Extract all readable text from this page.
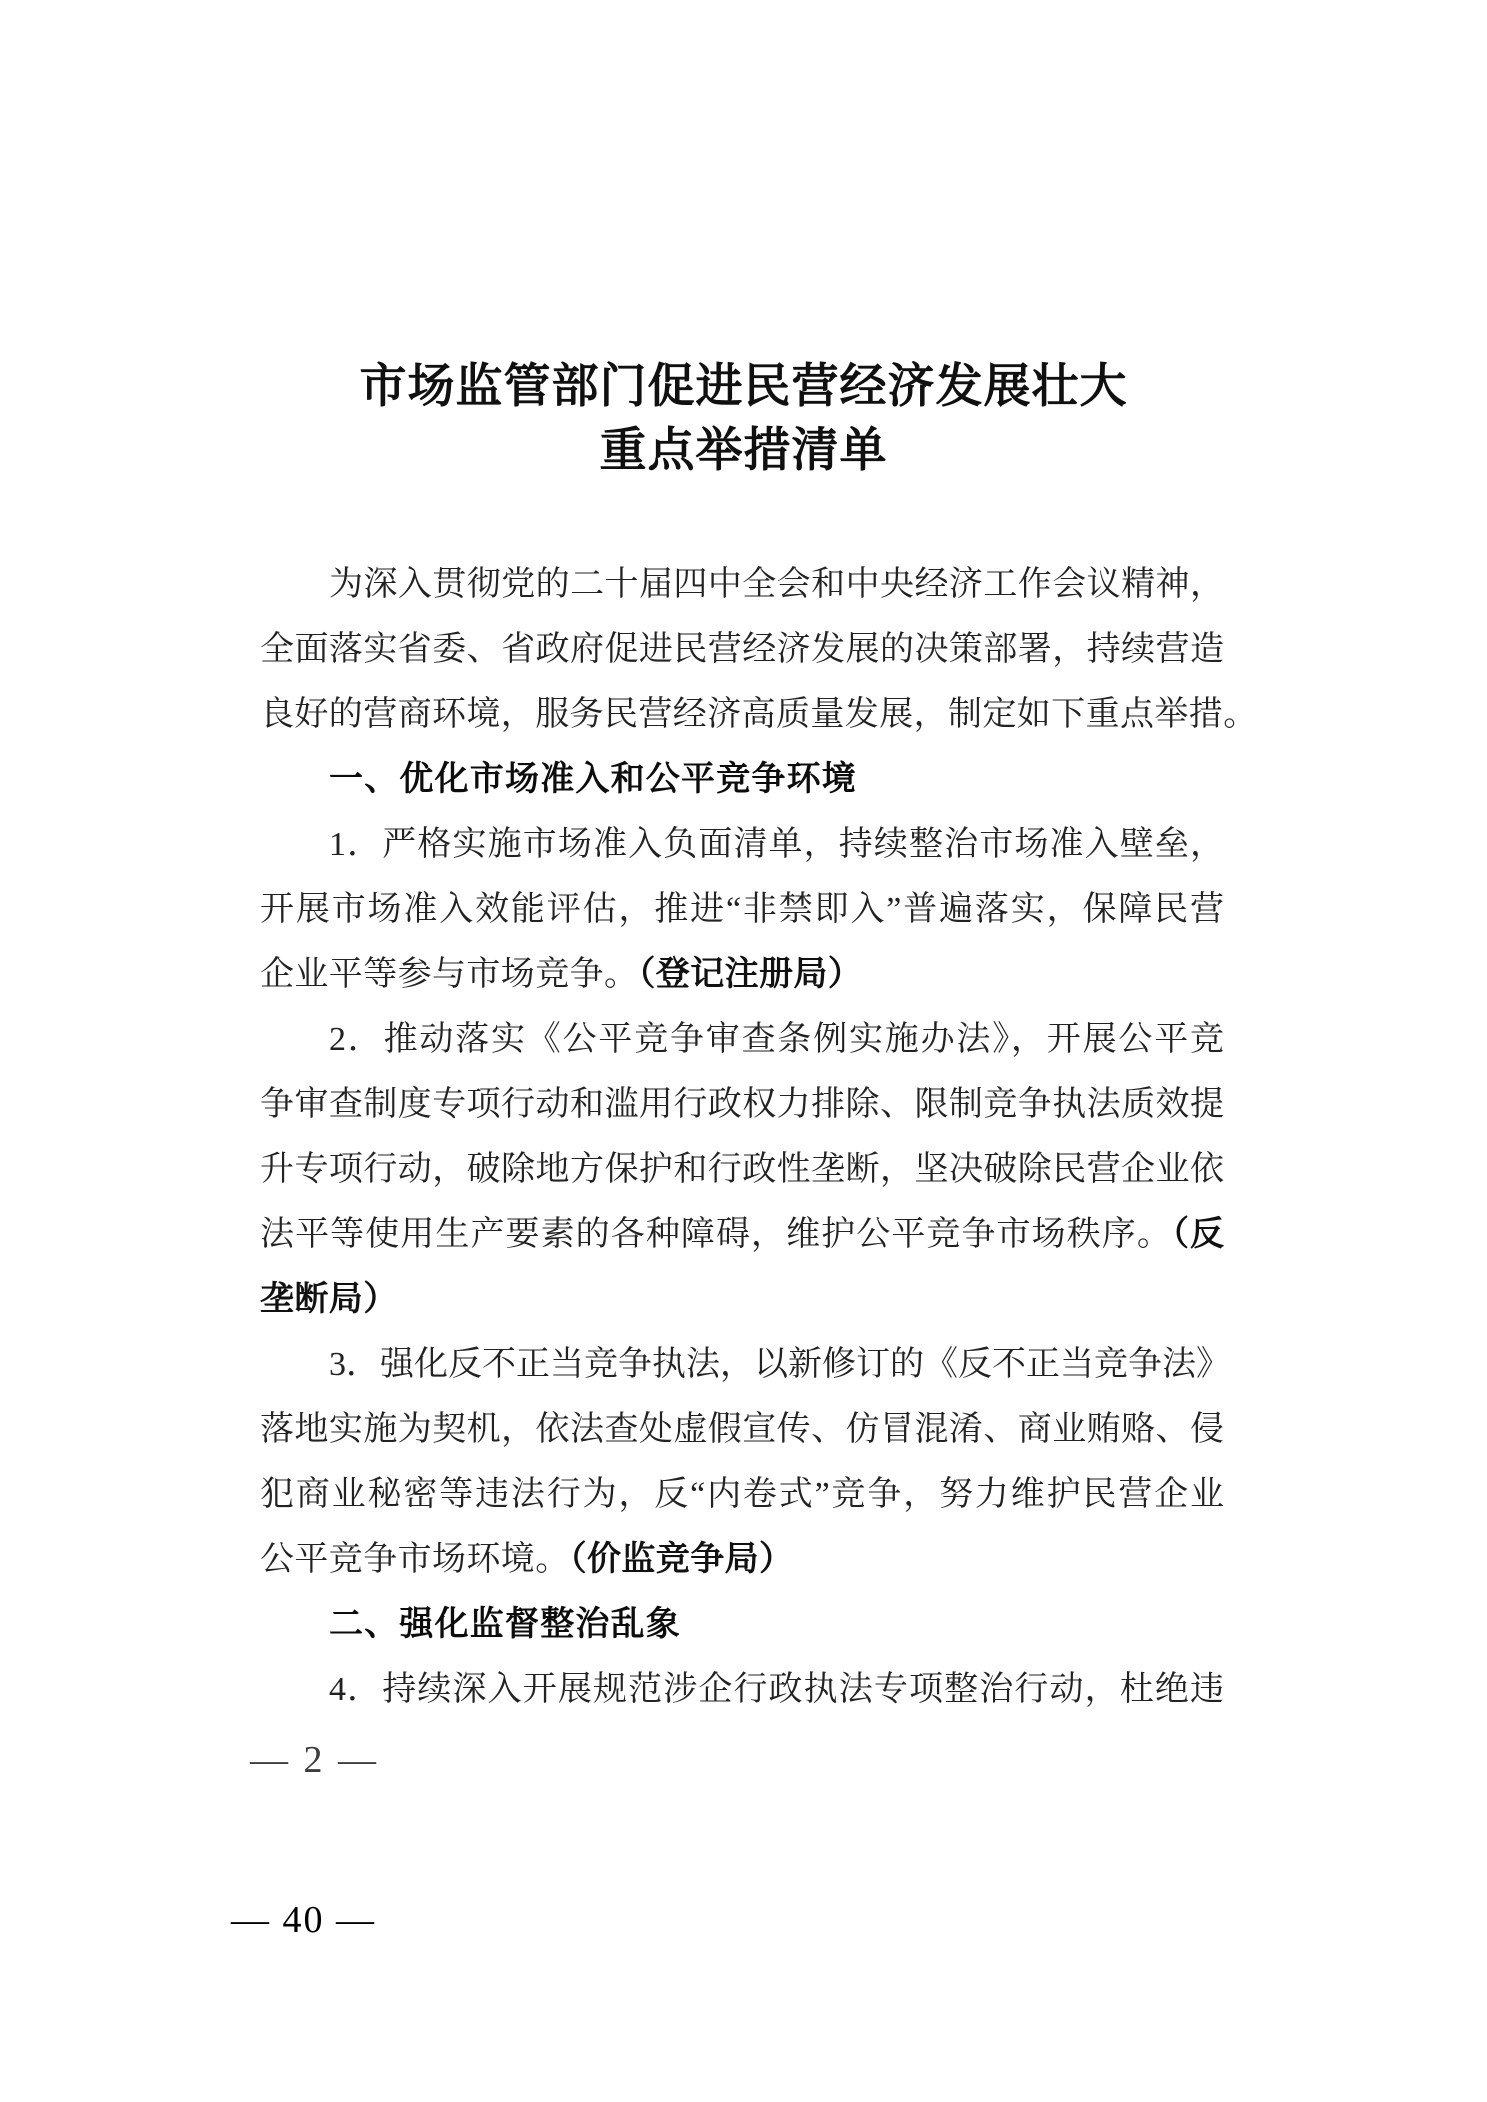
市场监管部门促进民营经济发展壮大
重点举措清单
为深入贯彻党的二十届四中全会和中央经济工作会议精神，
全面落实省委、省政府促进民营经济发展的决策部署，持续营造
良好的营商环境，服务民营经济高质量发展，制定如下重点举措。
一、优化市场准入和公平竞争环境
1．严格实施市场准入负面清单，持续整治市场准入壁垒，
开展市场准入效能评估，推进“非禁即入”普遍落实，保障民营
企业平等参与市场竞争。（登记注册局）
2．推动落实《公平竞争审查条例实施办法》，开展公平竞
争审查制度专项行动和滥用行政权力排除、限制竞争执法质效提
升专项行动，破除地方保护和行政性垄断，坚决破除民营企业依
法平等使用生产要素的各种障碍，维护公平竞争市场秩序。（反
垄断局）
3．强化反不正当竞争执法，以新修订的《反不正当竞争法》
落地实施为契机，依法查处虚假宣传、仿冒混淆、商业贿赂、侵
犯商业秘密等违法行为，反“内卷式”竞争，努力维护民营企业
公平竞争市场环境。（价监竞争局）
二、强化监督整治乱象
4．持续深入开展规范涉企行政执法专项整治行动，杜绝违
— 2 —
— 40 —
